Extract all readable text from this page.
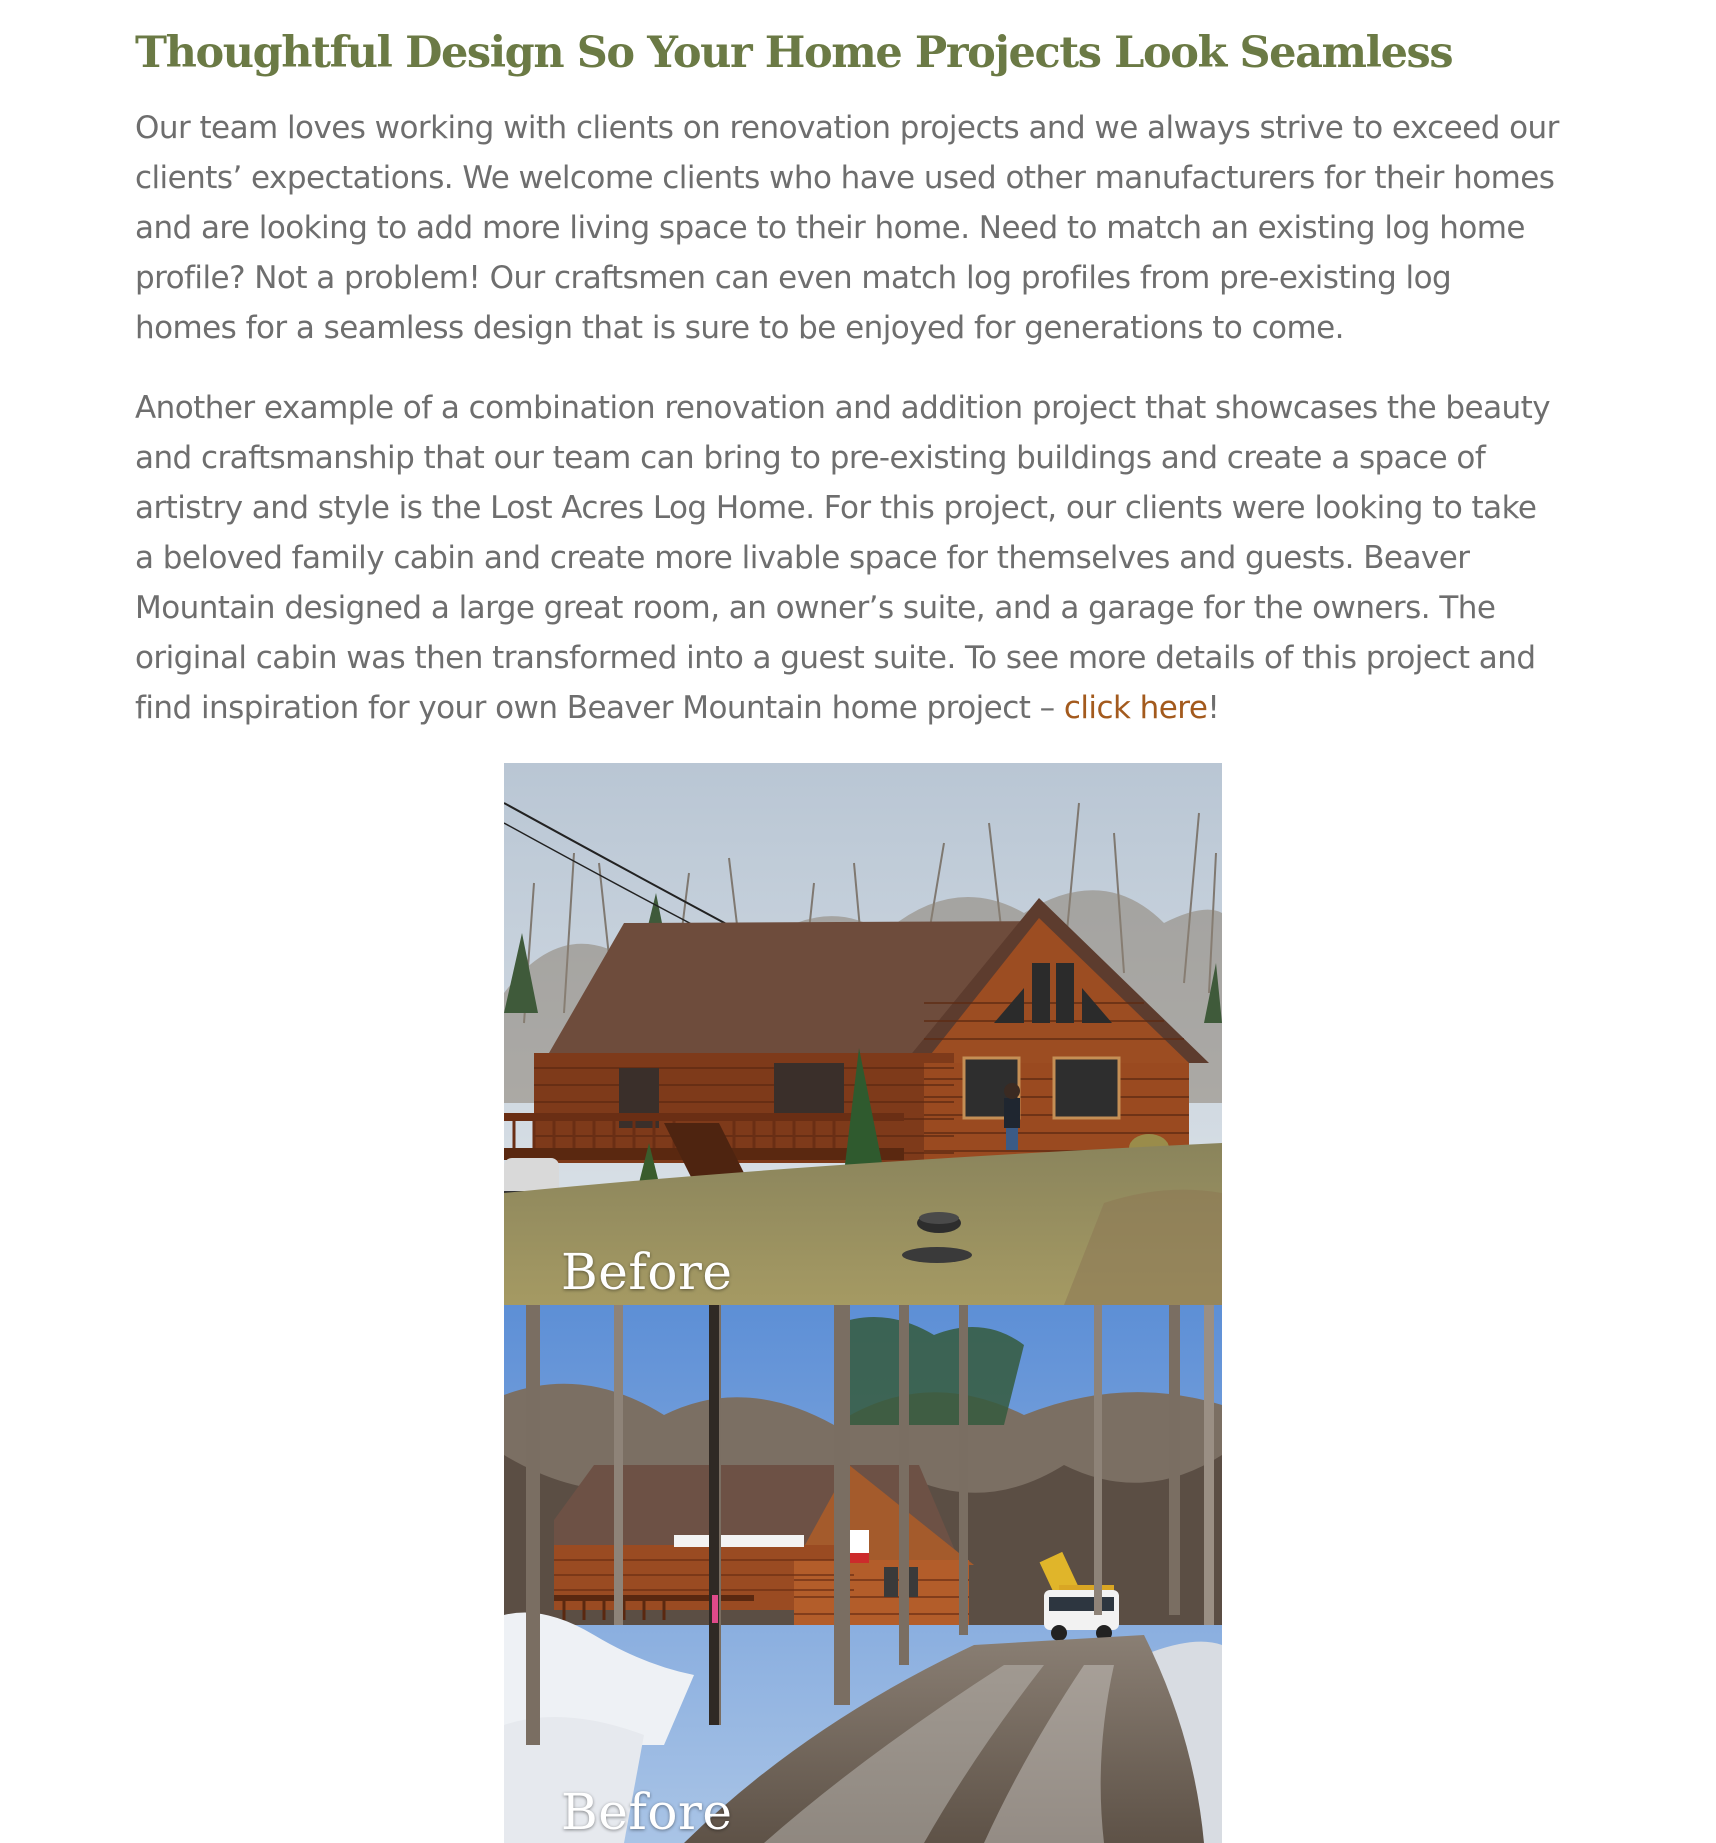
Thoughtful Design So Your Home Projects Look Seamless

Our team loves working with clients on renovation projects and we always strive to exceed our
clients’ expectations. We welcome clients who have used other manufacturers for their homes
and are looking to add more living space to their home. Need to match an existing log home
profile? Not a problem! Our craftsmen can even match log profiles from pre-existing log
homes for a seamless design that is sure to be enjoyed for generations to come.

Another example of a combination renovation and addition project that showcases the beauty
and craftsmanship that our team can bring to pre-existing buildings and create a space of
artistry and style is the Lost Acres Log Home. For this project, our clients were looking to take
a beloved family cabin and create more livable space for themselves and guests. Beaver
Mountain designed a large great room, an owner’s suite, and a garage for the owners. The
original cabin was then transformed into a guest suite. To see more details of this project and
find inspiration for your own Beaver Mountain home project – click here!

Before
Before
